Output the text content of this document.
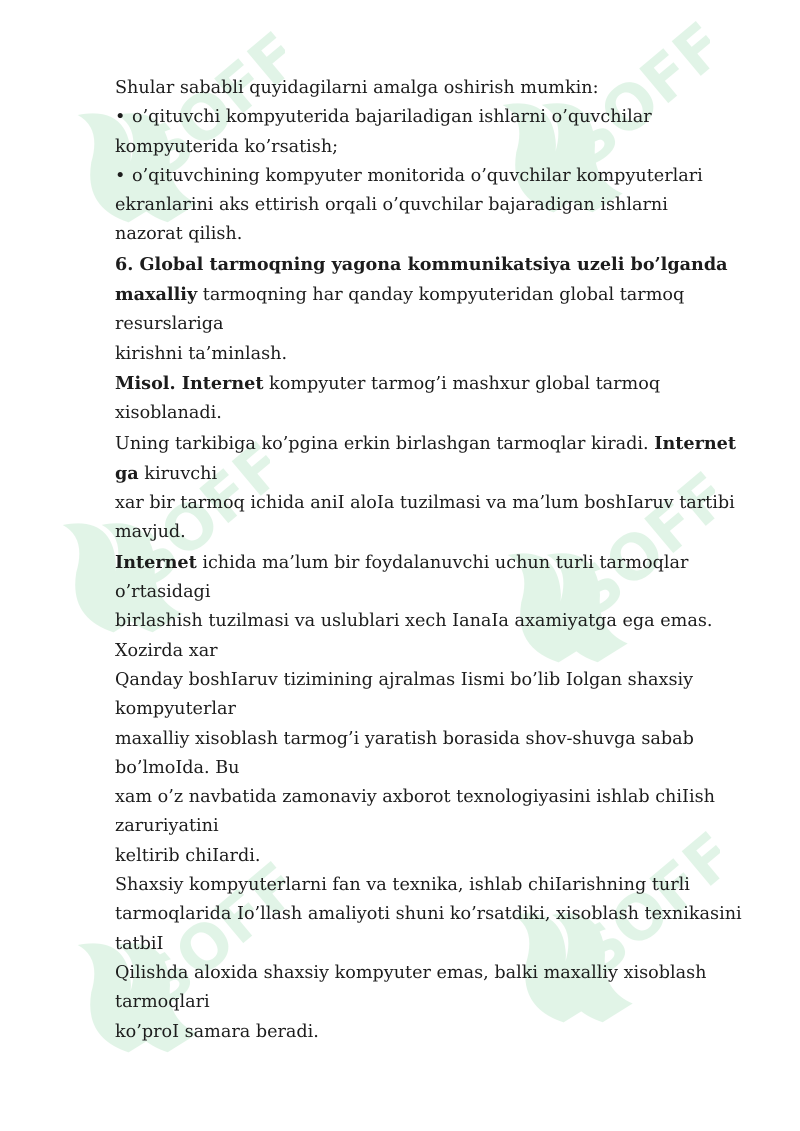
SOFF	SOFF
SOFF	SOFF
SOFF	SOFF
Shular sababli quyidagilarni amalga oshirish mumkin:
• o’qituvchi kompyuterida bajariladigan ishlarni o’quvchilar
kompyuterida ko’rsatish;
• o’qituvchining kompyuter monitorida o’quvchilar kompyuterlari
ekranlarini aks ettirish orqali o’quvchilar bajaradigan ishlarni
nazorat qilish.
6. Global tarmoqning yagona kommunikatsiya uzeli bo’lganda
maxalliy tarmoqning har qanday kompyuteridan global tarmoq
resurslariga
kirishni ta’minlash.
Misol. Internet kompyuter tarmog’i mashxur global tarmoq
xisoblanadi.
Uning tarkibiga ko’pgina erkin birlashgan tarmoqlar kiradi. Internet
ga kiruvchi
xar bir tarmoq ichida aniI aloIa tuzilmasi va ma’lum boshIaruv tartibi
mavjud.
Internet ichida ma’lum bir foydalanuvchi uchun turli tarmoqlar
o’rtasidagi
birlashish tuzilmasi va uslublari xech IanaIa axamiyatga ega emas.
Xozirda xar
Qanday boshIaruv tizimining ajralmas Iismi bo’lib Iolgan shaxsiy
kompyuterlar
maxalliy xisoblash tarmog’i yaratish borasida shov-shuvga sabab
bo’lmoIda. Bu
xam o’z navbatida zamonaviy axborot texnologiyasini ishlab chiIish
zaruriyatini
keltirib chiIardi.
Shaxsiy kompyuterlarni fan va texnika, ishlab chiIarishning turli
tarmoqlarida Io’llash amaliyoti shuni ko’rsatdiki, xisoblash texnikasini
tatbiI
Qilishda aloxida shaxsiy kompyuter emas, balki maxalliy xisoblash
tarmoqlari
ko’proI samara beradi.
